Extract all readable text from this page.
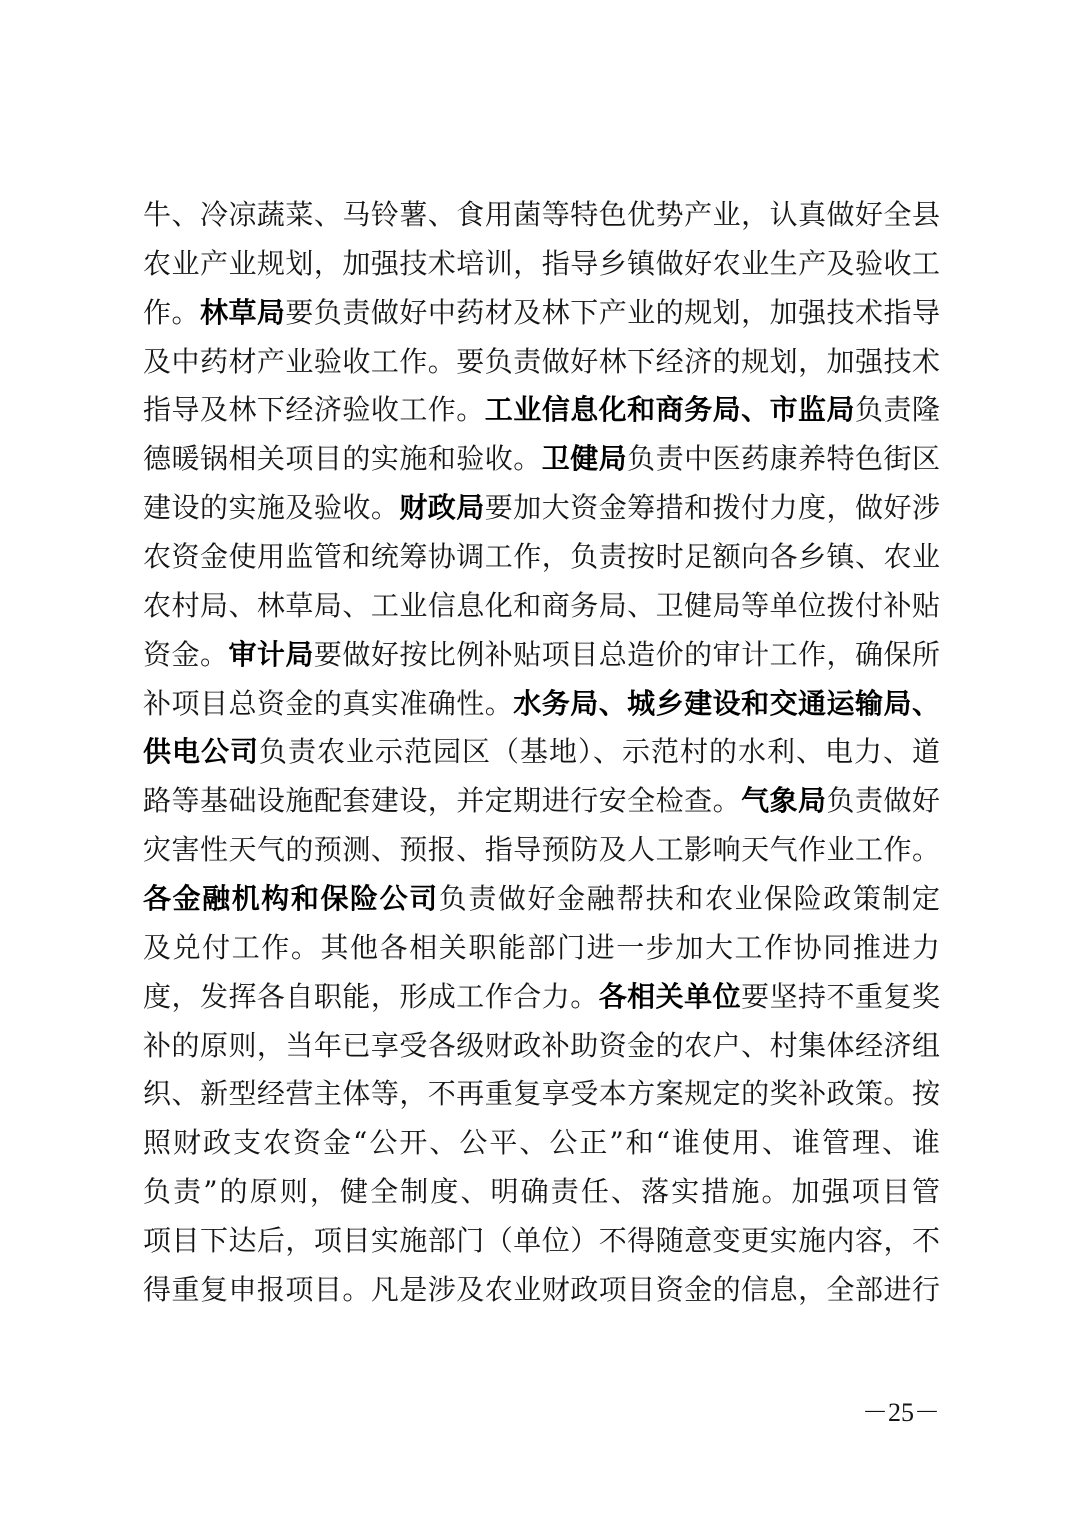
牛、冷凉蔬菜、马铃薯、食用菌等特色优势产业，认真做好全县
农业产业规划，加强技术培训，指导乡镇做好农业生产及验收工
作。林草局要负责做好中药材及林下产业的规划，加强技术指导
及中药材产业验收工作。要负责做好林下经济的规划，加强技术
指导及林下经济验收工作。工业信息化和商务局、市监局负责隆
德暖锅相关项目的实施和验收。卫健局负责中医药康养特色街区
建设的实施及验收。财政局要加大资金筹措和拨付力度，做好涉
农资金使用监管和统筹协调工作，负责按时足额向各乡镇、农业
农村局、林草局、工业信息化和商务局、卫健局等单位拨付补贴
资金。审计局要做好按比例补贴项目总造价的审计工作，确保所
补项目总资金的真实准确性。水务局、城乡建设和交通运输局、
供电公司负责农业示范园区（基地）、示范村的水利、电力、道
路等基础设施配套建设，并定期进行安全检查。气象局负责做好
灾害性天气的预测、预报、指导预防及人工影响天气作业工作。
各金融机构和保险公司负责做好金融帮扶和农业保险政策制定
及兑付工作。其他各相关职能部门进一步加大工作协同推进力
度，发挥各自职能，形成工作合力。各相关单位要坚持不重复奖
补的原则，当年已享受各级财政补助资金的农户、村集体经济组
织、新型经营主体等，不再重复享受本方案规定的奖补政策。按
照财政支农资金“公开、公平、公正”和“谁使用、谁管理、谁
负责”的原则，健全制度、明确责任、落实措施。加强项目管
项目下达后，项目实施部门（单位）不得随意变更实施内容，不
得重复申报项目。凡是涉及农业财政项目资金的信息，全部进行
－25－
